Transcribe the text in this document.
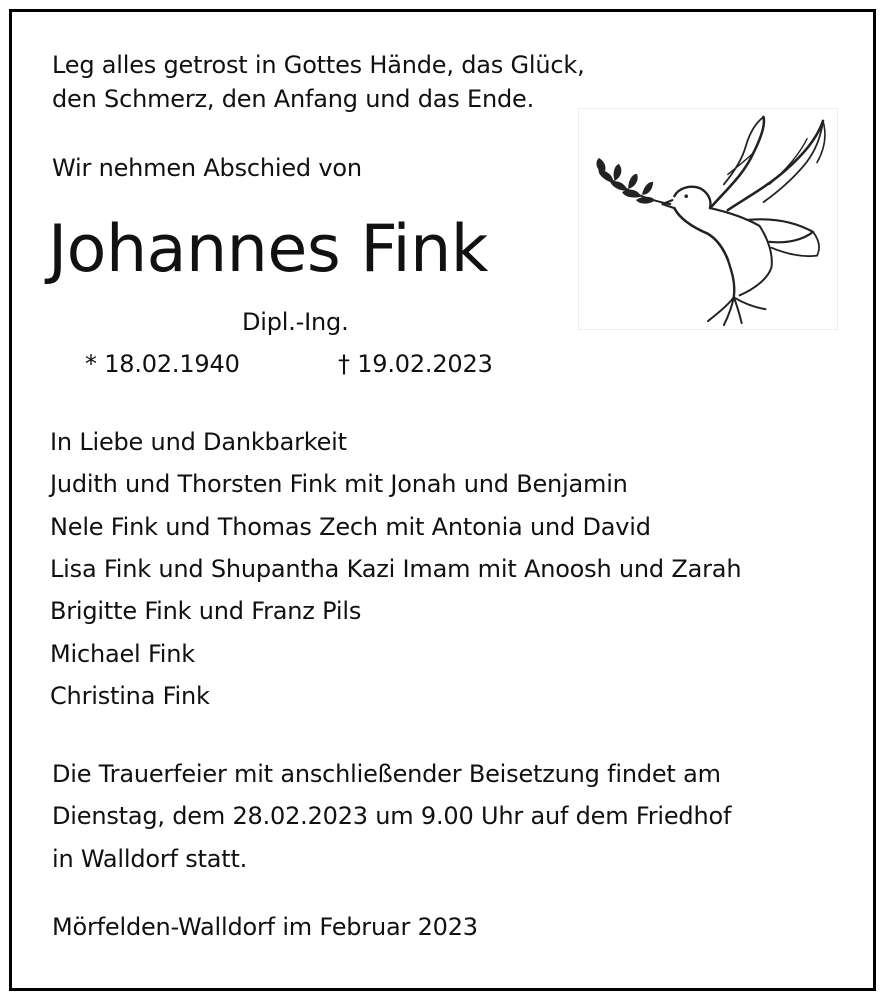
Leg alles getrost in Gottes Hände, das Glück,
den Schmerz, den Anfang und das Ende.
Wir nehmen Abschied von
Johannes Fink
Dipl.-Ing.
* 18.02.1940	† 19.02.2023
In Liebe und Dankbarkeit
Judith und Thorsten Fink mit Jonah und Benjamin
Nele Fink und Thomas Zech mit Antonia und David
Lisa Fink und Shupantha Kazi Imam mit Anoosh und Zarah
Brigitte Fink und Franz Pils
Michael Fink
Christina Fink
Die Trauerfeier mit anschließender Beisetzung findet am
Dienstag, dem 28.02.2023 um 9.00 Uhr auf dem Friedhof
in Walldorf statt.
Mörfelden-Walldorf im Februar 2023
